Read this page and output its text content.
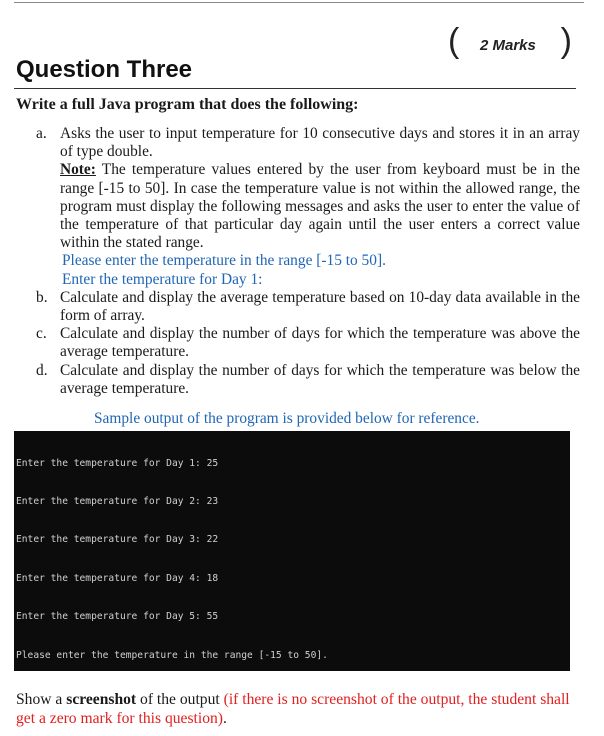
( 2 Marks )
Question Three
Write a full Java program that does the following:
a. Asks the user to input temperature for 10 consecutive days and stores it in an array of type double.
Note: The temperature values entered by the user from keyboard must be in the range [-15 to 50]. In case the temperature value is not within the allowed range, the program must display the following messages and asks the user to enter the value of the temperature of that particular day again until the user enters a correct value within the stated range.
Please enter the temperature in the range [-15 to 50].
Enter the temperature for Day 1:
b. Calculate and display the average temperature based on 10-day data available in the form of array.
c. Calculate and display the number of days for which the temperature was above the average temperature.
d. Calculate and display the number of days for which the temperature was below the average temperature.
Sample output of the program is provided below for reference.

Enter the temperature for Day 1: 25

Enter the temperature for Day 2: 23

Enter the temperature for Day 3: 22

Enter the temperature for Day 4: 18

Enter the temperature for Day 5: 55

Please enter the temperature in the range [-15 to 50].

Show a screenshot of the output (if there is no screenshot of the output, the student shall get a zero mark for this question).
